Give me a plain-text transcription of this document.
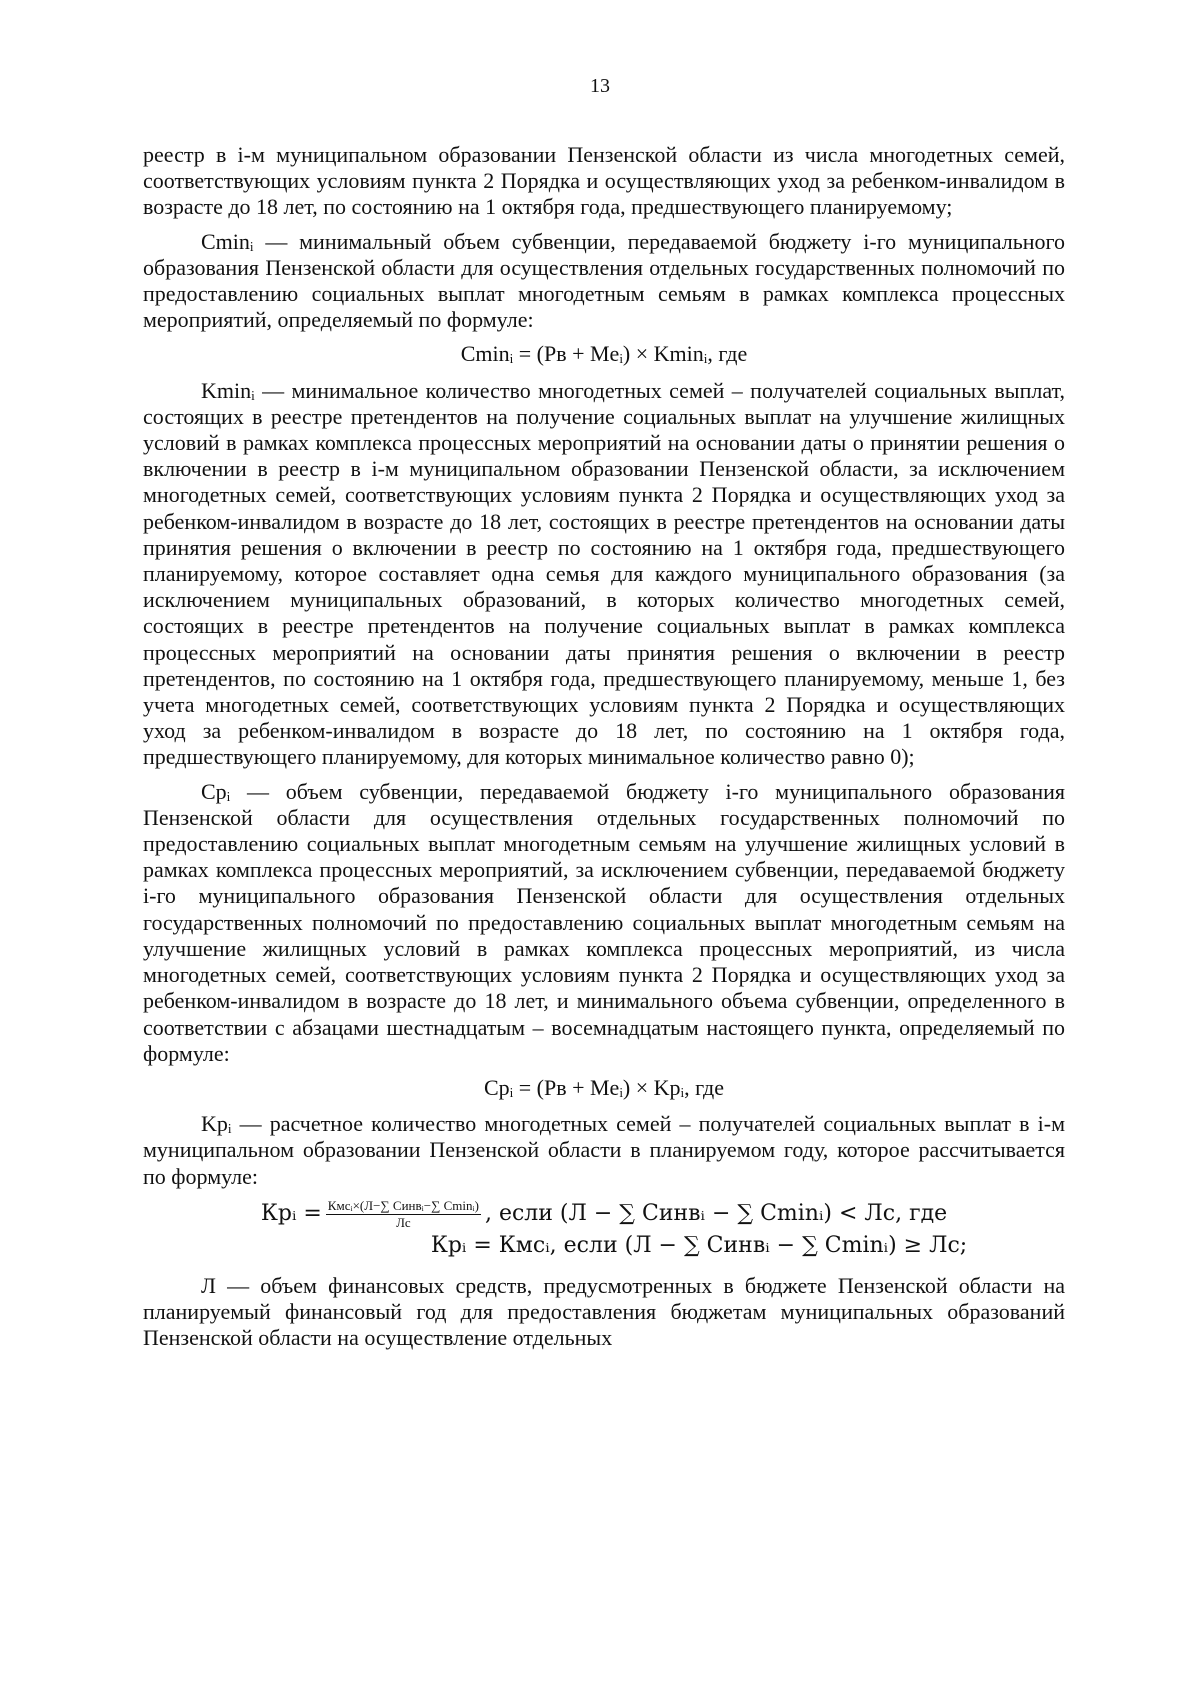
13

реестр в i-м муниципальном образовании Пензенской области из числа многодетных семей, соответствующих условиям пункта 2 Порядка и осуществляющих уход за ребенком-инвалидом в возрасте до 18 лет, по состоянию на 1 октября года, предшествующего планируемому;

Cminᵢ — минимальный объем субвенции, передаваемой бюджету i-го муниципального образования Пензенской области для осуществления отдельных государственных полномочий по предоставлению социальных выплат многодетным семьям в рамках комплекса процессных мероприятий, определяемый по формуле:

Cminᵢ = (Pв + Meᵢ) × Kminᵢ, где

Kminᵢ — минимальное количество многодетных семей – получателей социальных выплат, состоящих в реестре претендентов на получение социальных выплат на улучшение жилищных условий в рамках комплекса процессных мероприятий на основании даты о принятии решения о включении в реестр в i-м муниципальном образовании Пензенской области, за исключением многодетных семей, соответствующих условиям пункта 2 Порядка и осуществляющих уход за ребенком-инвалидом в возрасте до 18 лет, состоящих в реестре претендентов на основании даты принятия решения о включении в реестр по состоянию на 1 октября года, предшествующего планируемому, которое составляет одна семья для каждого муниципального образования (за исключением муниципальных образований, в которых количество многодетных семей, состоящих в реестре претендентов на получение социальных выплат в рамках комплекса процессных мероприятий на основании даты принятия решения о включении в реестр претендентов, по состоянию на 1 октября года, предшествующего планируемому, меньше 1, без учета многодетных семей, соответствующих условиям пункта 2 Порядка и осуществляющих уход за ребенком-инвалидом в возрасте до 18 лет, по состоянию на 1 октября года, предшествующего планируемому, для которых минимальное количество равно 0);

Cpᵢ — объем субвенции, передаваемой бюджету i-го муниципального образования Пензенской области для осуществления отдельных государственных полномочий по предоставлению социальных выплат многодетным семьям на улучшение жилищных условий в рамках комплекса процессных мероприятий, за исключением субвенции, передаваемой бюджету i-го муниципального образования Пензенской области для осуществления отдельных государственных полномочий по предоставлению социальных выплат многодетным семьям на улучшение жилищных условий в рамках комплекса процессных мероприятий, из числа многодетных семей, соответствующих условиям пункта 2 Порядка и осуществляющих уход за ребенком-инвалидом в возрасте до 18 лет, и минимального объема субвенции, определенного в соответствии с абзацами шестнадцатым – восемнадцатым настоящего пункта, определяемый по формуле:

Cpᵢ = (Pв + Meᵢ) × Kpᵢ, где

Kpᵢ — расчетное количество многодетных семей – получателей социальных выплат в i-м муниципальном образовании Пензенской области в планируемом году, которое рассчитывается по формуле:

Крᵢ = $\frac{\text{Кмсᵢ×(Л−∑ Синвᵢ−∑ Cminᵢ)}}{Лс}$ , если (Л − ∑ Синвᵢ − ∑ Cminᵢ) < Лс, где
Крᵢ = Кмсᵢ, если (Л − ∑ Синвᵢ − ∑ Cminᵢ) ≥ Лс;

Л — объем финансовых средств, предусмотренных в бюджете Пензенской области на планируемый финансовый год для предоставления бюджетам муниципальных образований Пензенской области на осуществление отдельных
